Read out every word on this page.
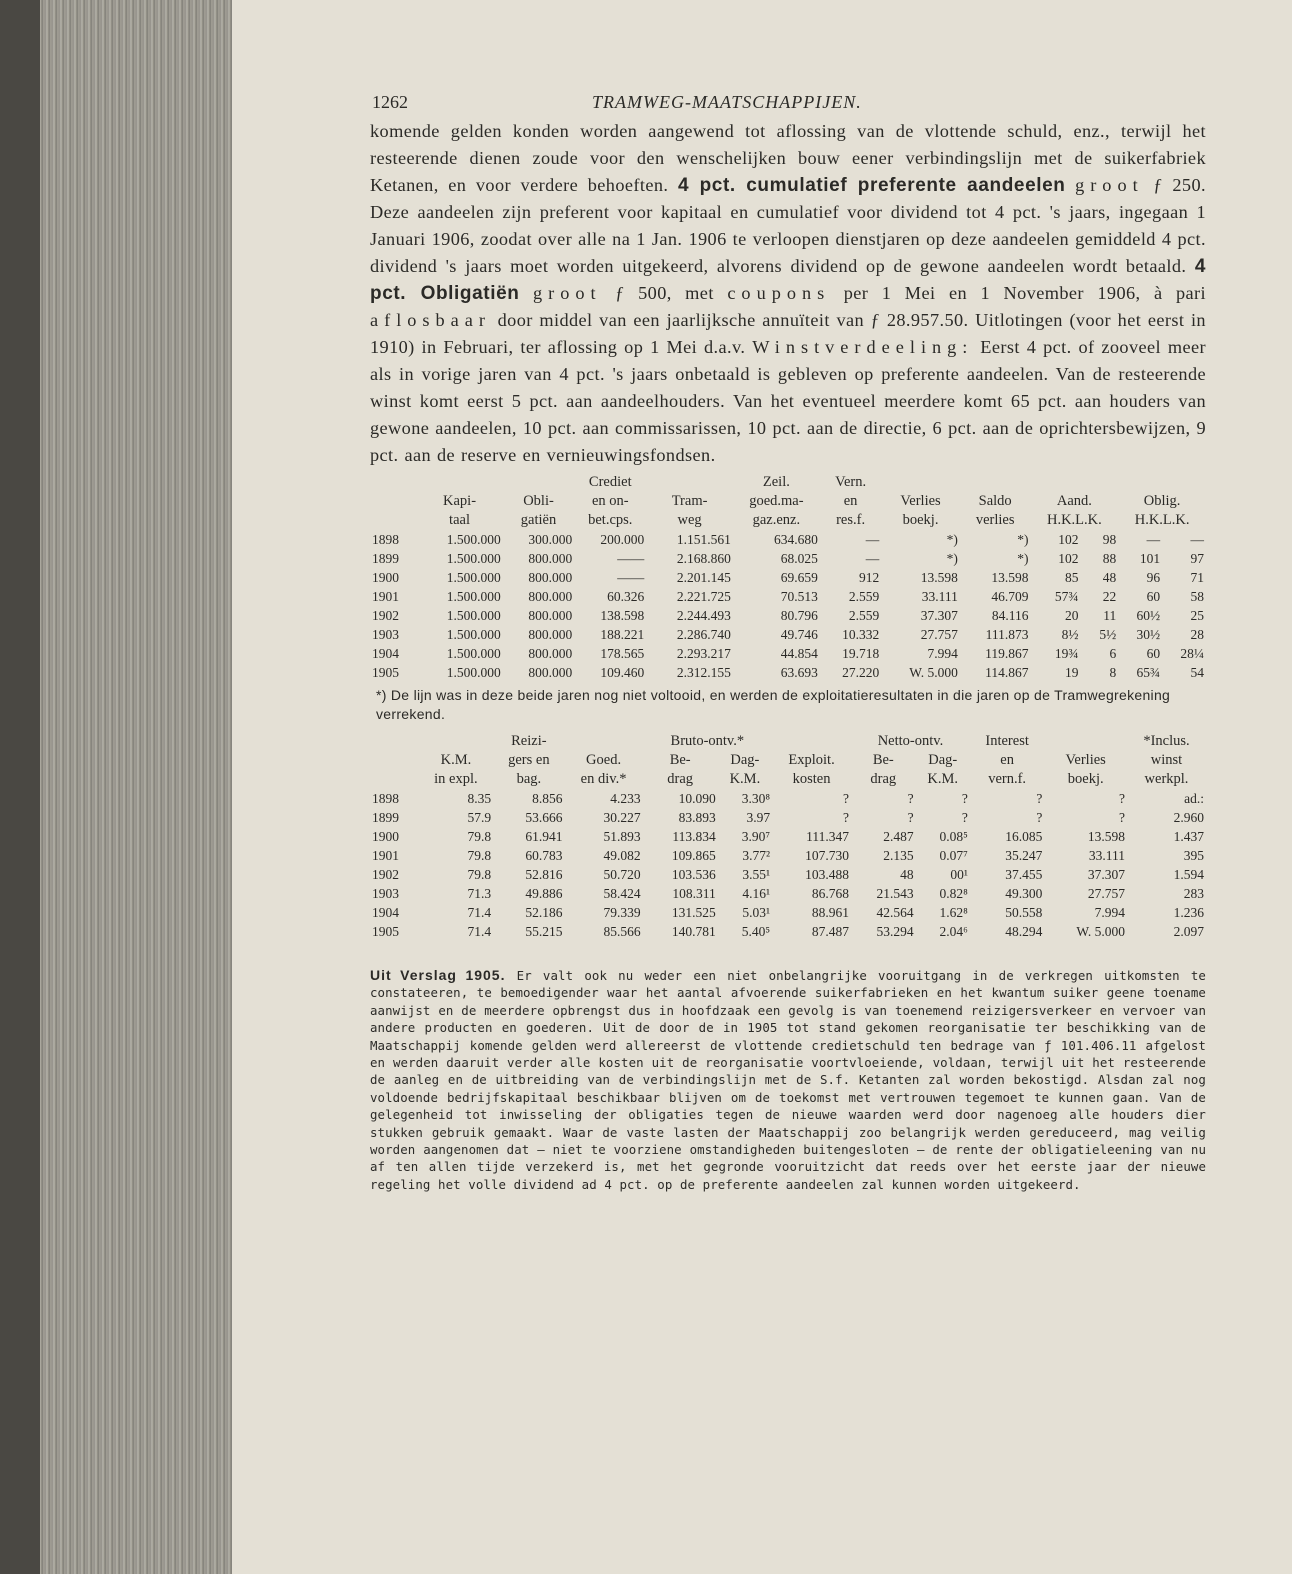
1262	TRAMWEG-MAATSCHAPPIJEN.

komende gelden konden worden aangewend tot aflossing van de vlottende schuld, enz., terwijl het resteerende dienen zoude voor den wenschelijken bouw eener verbindingslijn met de suikerfabriek Ketanen, en voor verdere behoeften. 4 pct. cumulatief preferente aandeelen groot ƒ 250. Deze aandeelen zijn preferent voor kapitaal en cumulatief voor dividend tot 4 pct. 's jaars, ingegaan 1 Januari 1906, zoodat over alle na 1 Jan. 1906 te verloopen dienstjaren op deze aandeelen gemiddeld 4 pct. dividend 's jaars moet worden uitgekeerd, alvorens dividend op de gewone aandeelen wordt betaald. 4 pct. Obligatiën groot ƒ 500, met coupons per 1 Mei en 1 November 1906, à pari aflosbaar door middel van een jaarlijksche annuïteit van ƒ 28.957.50. Uitlotingen (voor het eerst in 1910) in Februari, ter aflossing op 1 Mei d.a.v. Winstverdeeling: Eerst 4 pct. of zooveel meer als in vorige jaren van 4 pct. 's jaars onbetaald is gebleven op preferente aandeelen. Van de resteerende winst komt eerst 5 pct. aan aandeelhouders. Van het eventueel meerdere komt 65 pct. aan houders van gewone aandeelen, 10 pct. aan commissarissen, 10 pct. aan de directie, 6 pct. aan de oprichtersbewijzen, 9 pct. aan de reserve en vernieuwingsfondsen.

			Crediet		Zeil.	Vern.						
	Kapi-	Obli-	en on-	Tram-	goed.ma-	en	Verlies	Saldo	Aand.		Oblig.	
	taal	gatiën	bet.cps.	weg	gaz.enz.	res.f.	boekj.	verlies	H.K.L.K.		H.K.L.K.	
1898	1.500.000	300.000	200.000	1.151.561	634.680	—	*)	*)	102	98	—	—
1899	1.500.000	800.000	——	2.168.860	68.025	—	*)	*)	102	88	101	97
1900	1.500.000	800.000	——	2.201.145	69.659	912	13.598	13.598	85	48	96	71
1901	1.500.000	800.000	60.326	2.221.725	70.513	2.559	33.111	46.709	57¾	22	60	58
1902	1.500.000	800.000	138.598	2.244.493	80.796	2.559	37.307	84.116	20	11	60½	25
1903	1.500.000	800.000	188.221	2.286.740	49.746	10.332	27.757	111.873	8½	5½	30½	28
1904	1.500.000	800.000	178.565	2.293.217	44.854	19.718	7.994	119.867	19¾	6	60	28¼
1905	1.500.000	800.000	109.460	2.312.155	63.693	27.220	W. 5.000	114.867	19	8	65¾	54
*) De lijn was in deze beide jaren nog niet voltooid, en werden de exploitatieresultaten in die jaren op de Tramwegrekening verrekend.
		Reizi-		Bruto-ontv.*			Netto-ontv.		Interest		*Inclus.
	K.M.	gers en	Goed.	Be-	Dag-	Exploit.	Be-	Dag-	en	Verlies	winst
	in expl.	bag.	en div.*	drag	K.M.	kosten	drag	K.M.	vern.f.	boekj.	werkpl.
1898	8.35	8.856	4.233	10.090	3.30⁸	?	?	?	?	?	ad.:
1899	57.9	53.666	30.227	83.893	3.97	?	?	?	?	?	2.960
1900	79.8	61.941	51.893	113.834	3.90⁷	111.347	2.487	0.08⁵	16.085	13.598	1.437
1901	79.8	60.783	49.082	109.865	3.77²	107.730	2.135	0.07⁷	35.247	33.111	395
1902	79.8	52.816	50.720	103.536	3.55¹	103.488	48	00¹	37.455	37.307	1.594
1903	71.3	49.886	58.424	108.311	4.16¹	86.768	21.543	0.82⁸	49.300	27.757	283
1904	71.4	52.186	79.339	131.525	5.03¹	88.961	42.564	1.62⁸	50.558	7.994	1.236
1905	71.4	55.215	85.566	140.781	5.40⁵	87.487	53.294	2.04⁶	48.294	W. 5.000	2.097

Uit Verslag 1905. Er valt ook nu weder een niet onbelangrijke vooruitgang in de verkregen uitkomsten te constateeren, te bemoedigender waar het aantal afvoerende suikerfabrieken en het kwantum suiker geene toename aanwijst en de meerdere opbrengst dus in hoofdzaak een gevolg is van toenemend reizigersverkeer en vervoer van andere producten en goederen. Uit de door de in 1905 tot stand gekomen reorganisatie ter beschikking van de Maatschappij komende gelden werd allereerst de vlottende credietschuld ten bedrage van ƒ 101.406.11 afgelost en werden daaruit verder alle kosten uit de reorganisatie voortvloeiende, voldaan, terwijl uit het resteerende de aanleg en de uitbreiding van de verbindingslijn met de S.f. Ketanten zal worden bekostigd. Alsdan zal nog voldoende bedrijfskapitaal beschikbaar blijven om de toekomst met vertrouwen tegemoet te kunnen gaan. Van de gelegenheid tot inwisseling der obligaties tegen de nieuwe waarden werd door nagenoeg alle houders dier stukken gebruik gemaakt. Waar de vaste lasten der Maatschappij zoo belangrijk werden gereduceerd, mag veilig worden aangenomen dat — niet te voorziene omstandigheden buitengesloten — de rente der obligatieleening van nu af ten allen tijde verzekerd is, met het gegronde vooruitzicht dat reeds over het eerste jaar der nieuwe regeling het volle dividend ad 4 pct. op de preferente aandeelen zal kunnen worden uitgekeerd.
